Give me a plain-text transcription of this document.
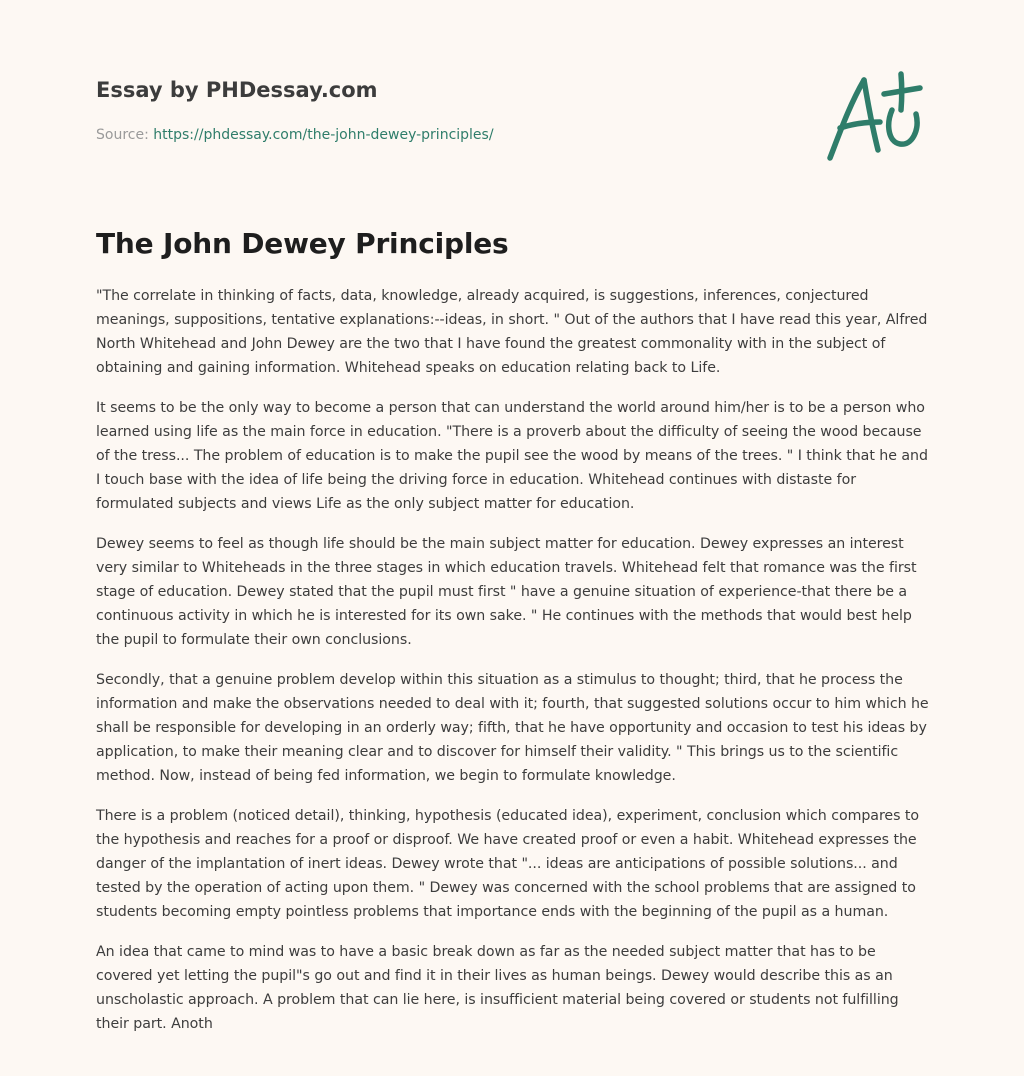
Essay by PHDessay.com
Source: https://phdessay.com/the-john-dewey-principles/
The John Dewey Principles

"The correlate in thinking of facts, data, knowledge, already acquired, is suggestions, inferences, conjectured meanings, suppositions, tentative explanations:--ideas, in short. " Out of the authors that I have read this year, Alfred North Whitehead and John Dewey are the two that I have found the greatest commonality with in the subject of obtaining and gaining information. Whitehead speaks on education relating back to Life.

It seems to be the only way to become a person that can understand the world around him/her is to be a person who learned using life as the main force in education. "There is a proverb about the difficulty of seeing the wood because of the tress... The problem of education is to make the pupil see the wood by means of the trees. " I think that he and I touch base with the idea of life being the driving force in education. Whitehead continues with distaste for formulated subjects and views Life as the only subject matter for education.

Dewey seems to feel as though life should be the main subject matter for education. Dewey expresses an interest very similar to Whiteheads in the three stages in which education travels. Whitehead felt that romance was the first stage of education. Dewey stated that the pupil must first " have a genuine situation of experience-that there be a continuous activity in which he is interested for its own sake. " He continues with the methods that would best help the pupil to formulate their own conclusions.

Secondly, that a genuine problem develop within this situation as a stimulus to thought; third, that he process the information and make the observations needed to deal with it; fourth, that suggested solutions occur to him which he shall be responsible for developing in an orderly way; fifth, that he have opportunity and occasion to test his ideas by application, to make their meaning clear and to discover for himself their validity. " This brings us to the scientific method. Now, instead of being fed information, we begin to formulate knowledge.

There is a problem (noticed detail), thinking, hypothesis (educated idea), experiment, conclusion which compares to the hypothesis and reaches for a proof or disproof. We have created proof or even a habit. Whitehead expresses the danger of the implantation of inert ideas. Dewey wrote that "... ideas are anticipations of possible solutions... and tested by the operation of acting upon them. " Dewey was concerned with the school problems that are assigned to students becoming empty pointless problems that importance ends with the beginning of the pupil as a human.

An idea that came to mind was to have a basic break down as far as the needed subject matter that has to be covered yet letting the pupil"s go out and find it in their lives as human beings. Dewey would describe this as an unscholastic approach. A problem that can lie here, is insufficient material being covered or students not fulfilling their part. Anoth
